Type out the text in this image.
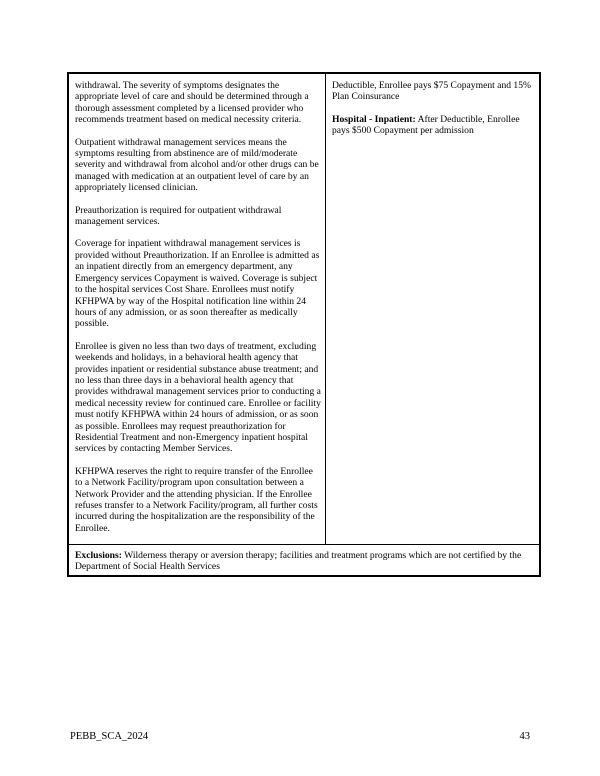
withdrawal. The severity of symptoms designates the appropriate level of care and should be determined through a thorough assessment completed by a licensed provider who recommends treatment based on medical necessity criteria.

Outpatient withdrawal management services means the symptoms resulting from abstinence are of mild/moderate severity and withdrawal from alcohol and/or other drugs can be managed with medication at an outpatient level of care by an appropriately licensed clinician.

Preauthorization is required for outpatient withdrawal management services.

Coverage for inpatient withdrawal management services is provided without Preauthorization. If an Enrollee is admitted as an inpatient directly from an emergency department, any Emergency services Copayment is waived. Coverage is subject to the hospital services Cost Share. Enrollees must notify KFHPWA by way of the Hospital notification line within 24 hours of any admission, or as soon thereafter as medically possible.

Enrollee is given no less than two days of treatment, excluding weekends and holidays, in a behavioral health agency that provides inpatient or residential substance abuse treatment; and no less than three days in a behavioral health agency that provides withdrawal management services prior to conducting a medical necessity review for continued care. Enrollee or facility must notify KFHPWA within 24 hours of admission, or as soon as possible. Enrollees may request preauthorization for Residential Treatment and non-Emergency inpatient hospital services by contacting Member Services.

KFHPWA reserves the right to require transfer of the Enrollee to a Network Facility/program upon consultation between a Network Provider and the attending physician. If the Enrollee refuses transfer to a Network Facility/program, all further costs incurred during the hospitalization are the responsibility of the Enrollee.

Deductible, Enrollee pays $75 Copayment and 15% Plan Coinsurance

Hospital - Inpatient: After Deductible, Enrollee pays $500 Copayment per admission

Exclusions: Wilderness therapy or aversion therapy; facilities and treatment programs which are not certified by the Department of Social Health Services

PEBB_SCA_2024	43
